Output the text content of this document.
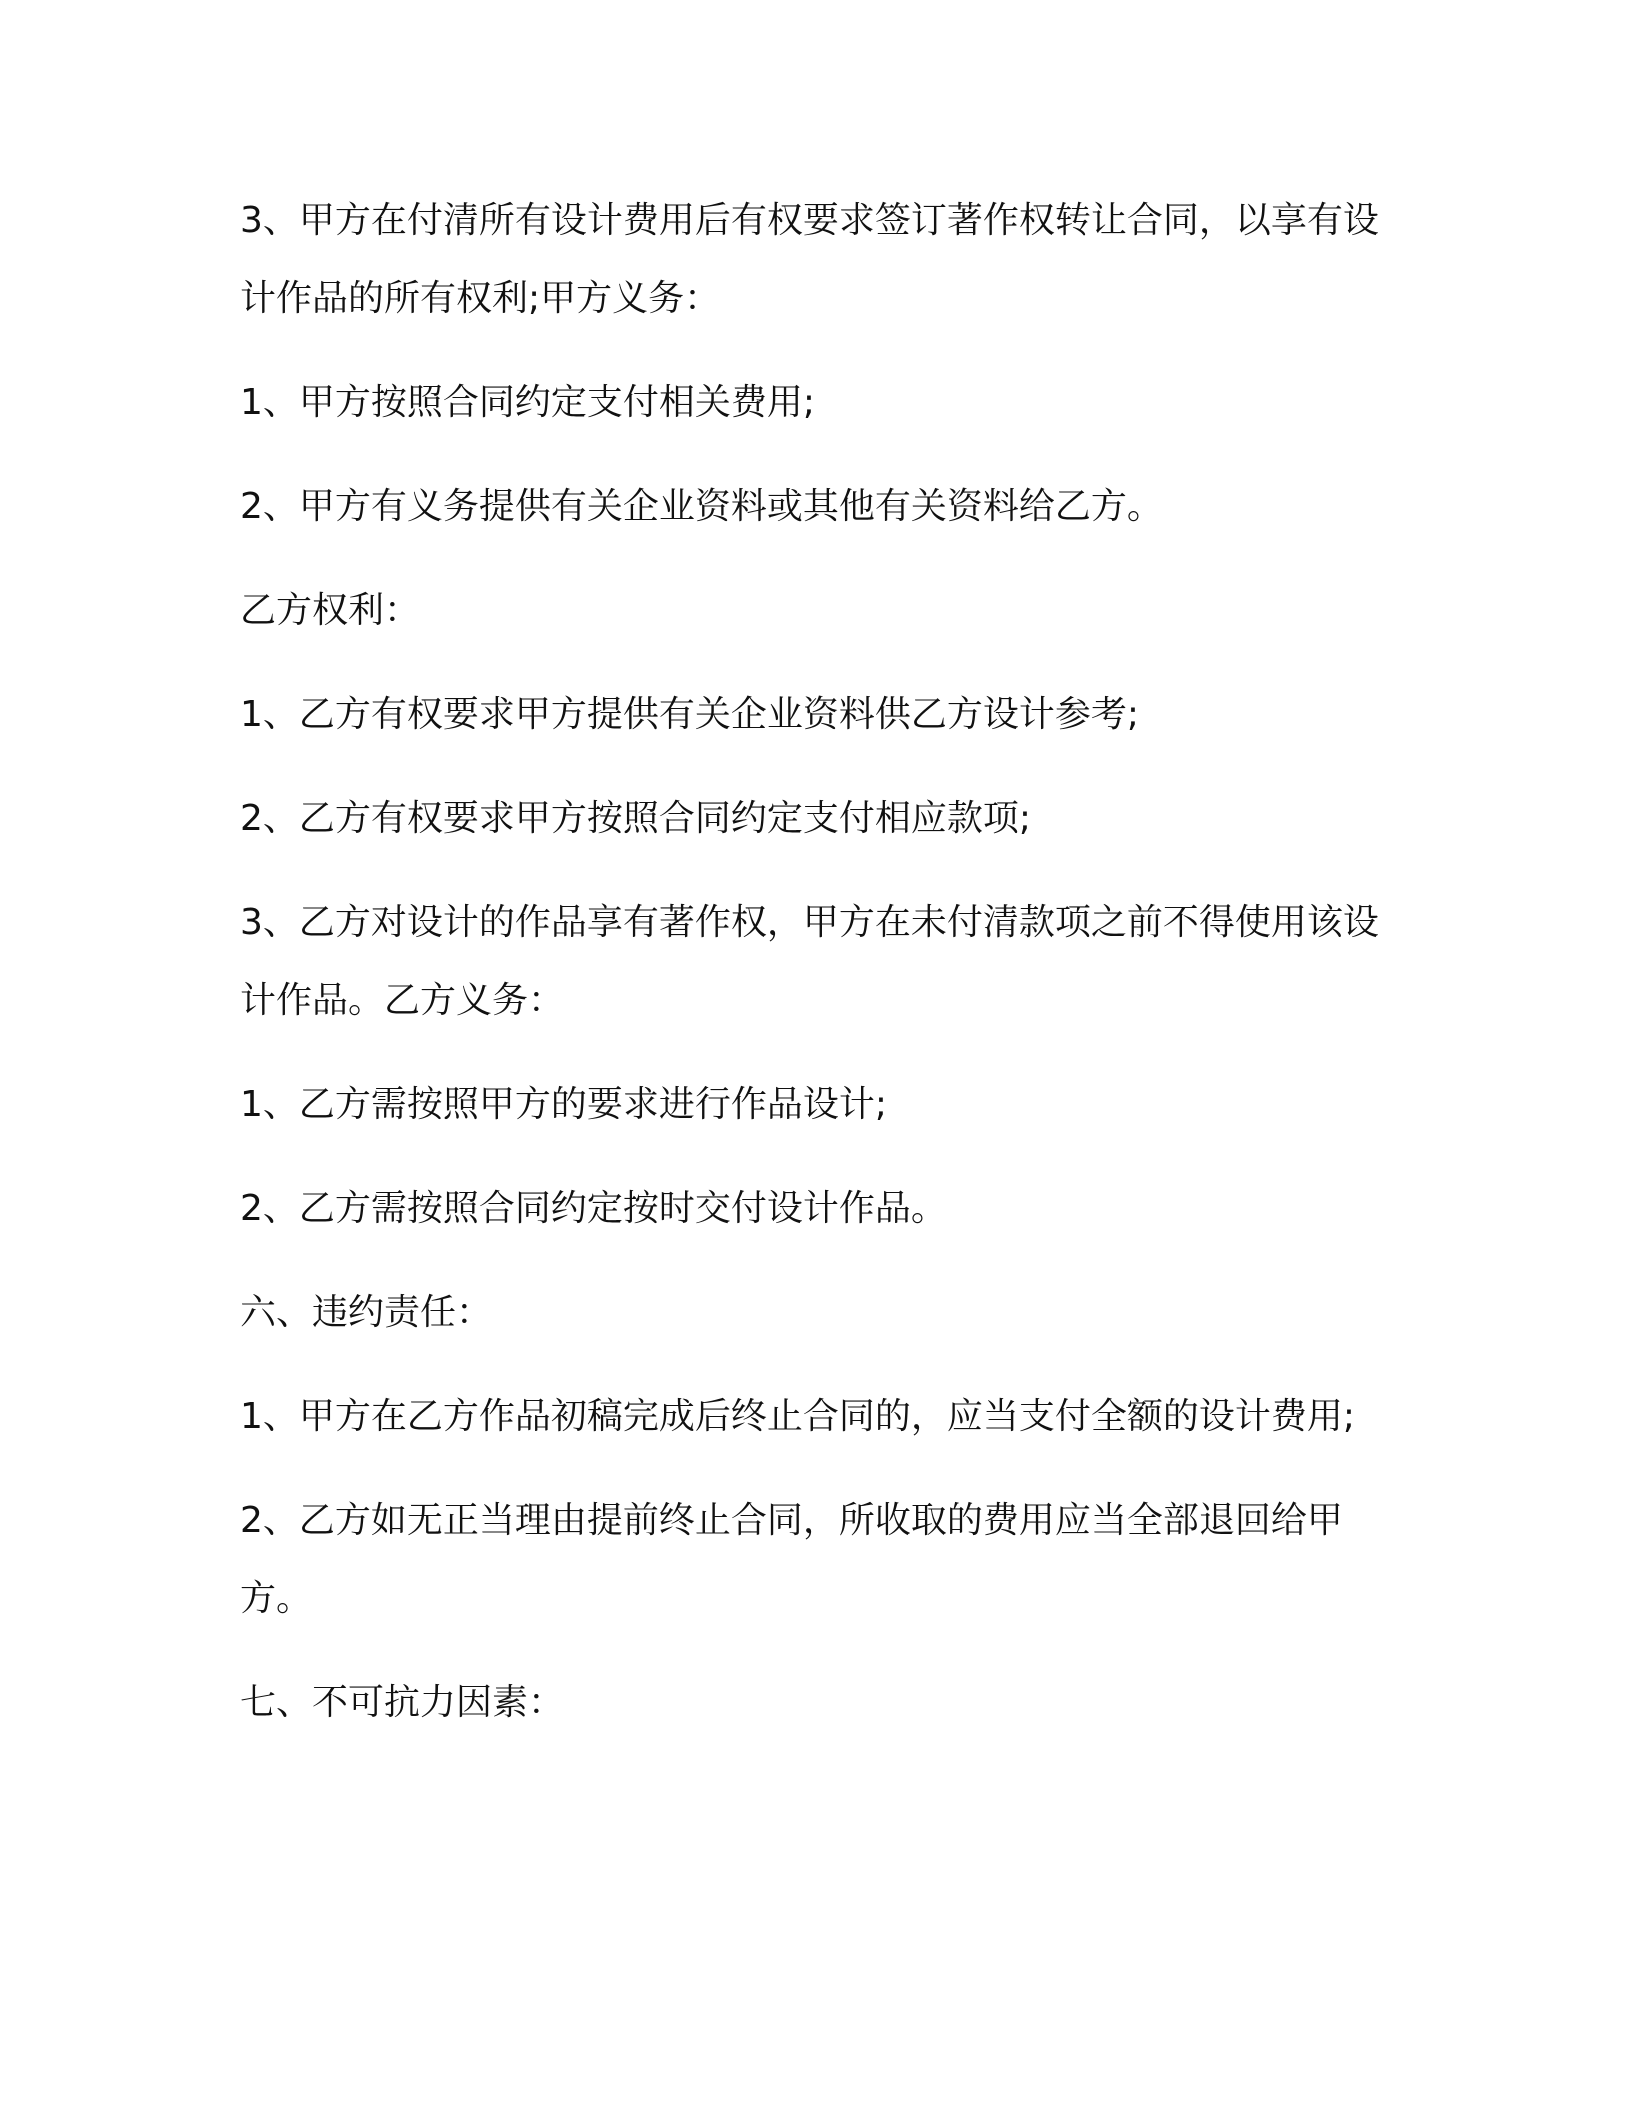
3、甲方在付清所有设计费用后有权要求签订著作权转让合同，以享有设计作品的所有权利;甲方义务：

1、甲方按照合同约定支付相关费用;

2、甲方有义务提供有关企业资料或其他有关资料给乙方。

乙方权利：

1、乙方有权要求甲方提供有关企业资料供乙方设计参考;

2、乙方有权要求甲方按照合同约定支付相应款项;

3、乙方对设计的作品享有著作权，甲方在未付清款项之前不得使用该设计作品。乙方义务：

1、乙方需按照甲方的要求进行作品设计;

2、乙方需按照合同约定按时交付设计作品。

六、违约责任：

1、甲方在乙方作品初稿完成后终止合同的，应当支付全额的设计费用;

2、乙方如无正当理由提前终止合同，所收取的费用应当全部退回给甲方。

七、不可抗力因素：
